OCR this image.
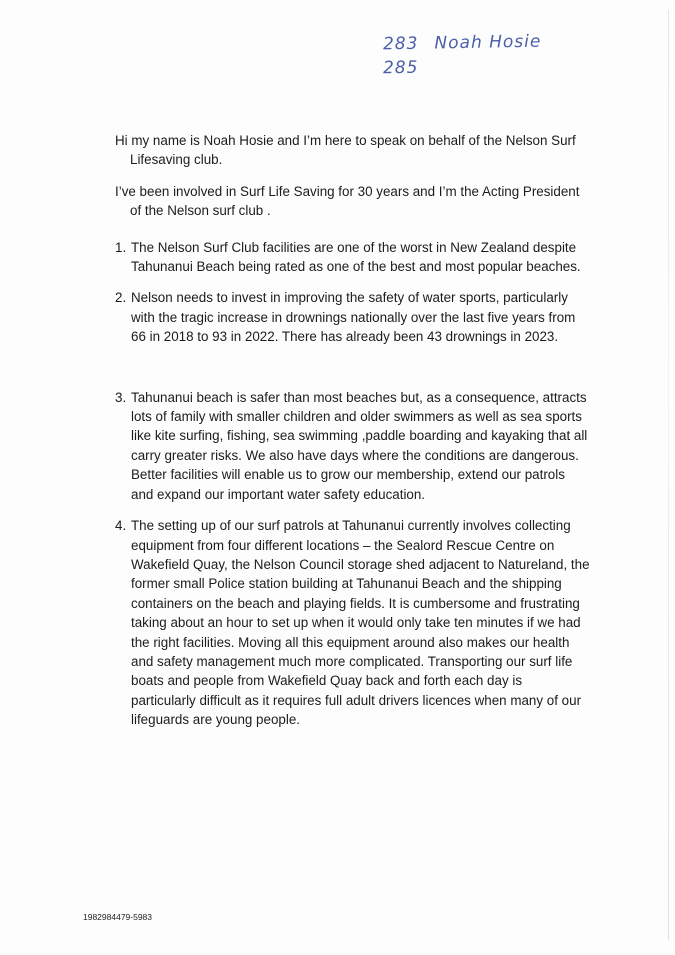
283 Noah Hosie
285

Hi my name is Noah Hosie and I’m here to speak on behalf of the Nelson Surf Lifesaving club.

I’ve been involved in Surf Life Saving for 30 years and I’m the Acting President of the Nelson surf club .

1. The Nelson Surf Club facilities are one of the worst in New Zealand despite Tahunanui Beach being rated as one of the best and most popular beaches.
2. Nelson needs to invest in improving the safety of water sports, particularly with the tragic increase in drownings nationally over the last five years from 66 in 2018 to 93 in 2022. There has already been 43 drownings in 2023.
3. Tahunanui beach is safer than most beaches but, as a consequence, attracts lots of family with smaller children and older swimmers as well as sea sports like kite surfing, fishing, sea swimming ,paddle boarding and kayaking that all carry greater risks. We also have days where the conditions are dangerous. Better facilities will enable us to grow our membership, extend our patrols and expand our important water safety education.
4. The setting up of our surf patrols at Tahunanui currently involves collecting equipment from four different locations – the Sealord Rescue Centre on Wakefield Quay, the Nelson Council storage shed adjacent to Natureland, the former small Police station building at Tahunanui Beach and the shipping containers on the beach and playing fields. It is cumbersome and frustrating taking about an hour to set up when it would only take ten minutes if we had the right facilities. Moving all this equipment around also makes our health and safety management much more complicated. Transporting our surf life boats and people from Wakefield Quay back and forth each day is particularly difficult as it requires full adult drivers licences when many of our lifeguards are young people.
1982984479-5983
